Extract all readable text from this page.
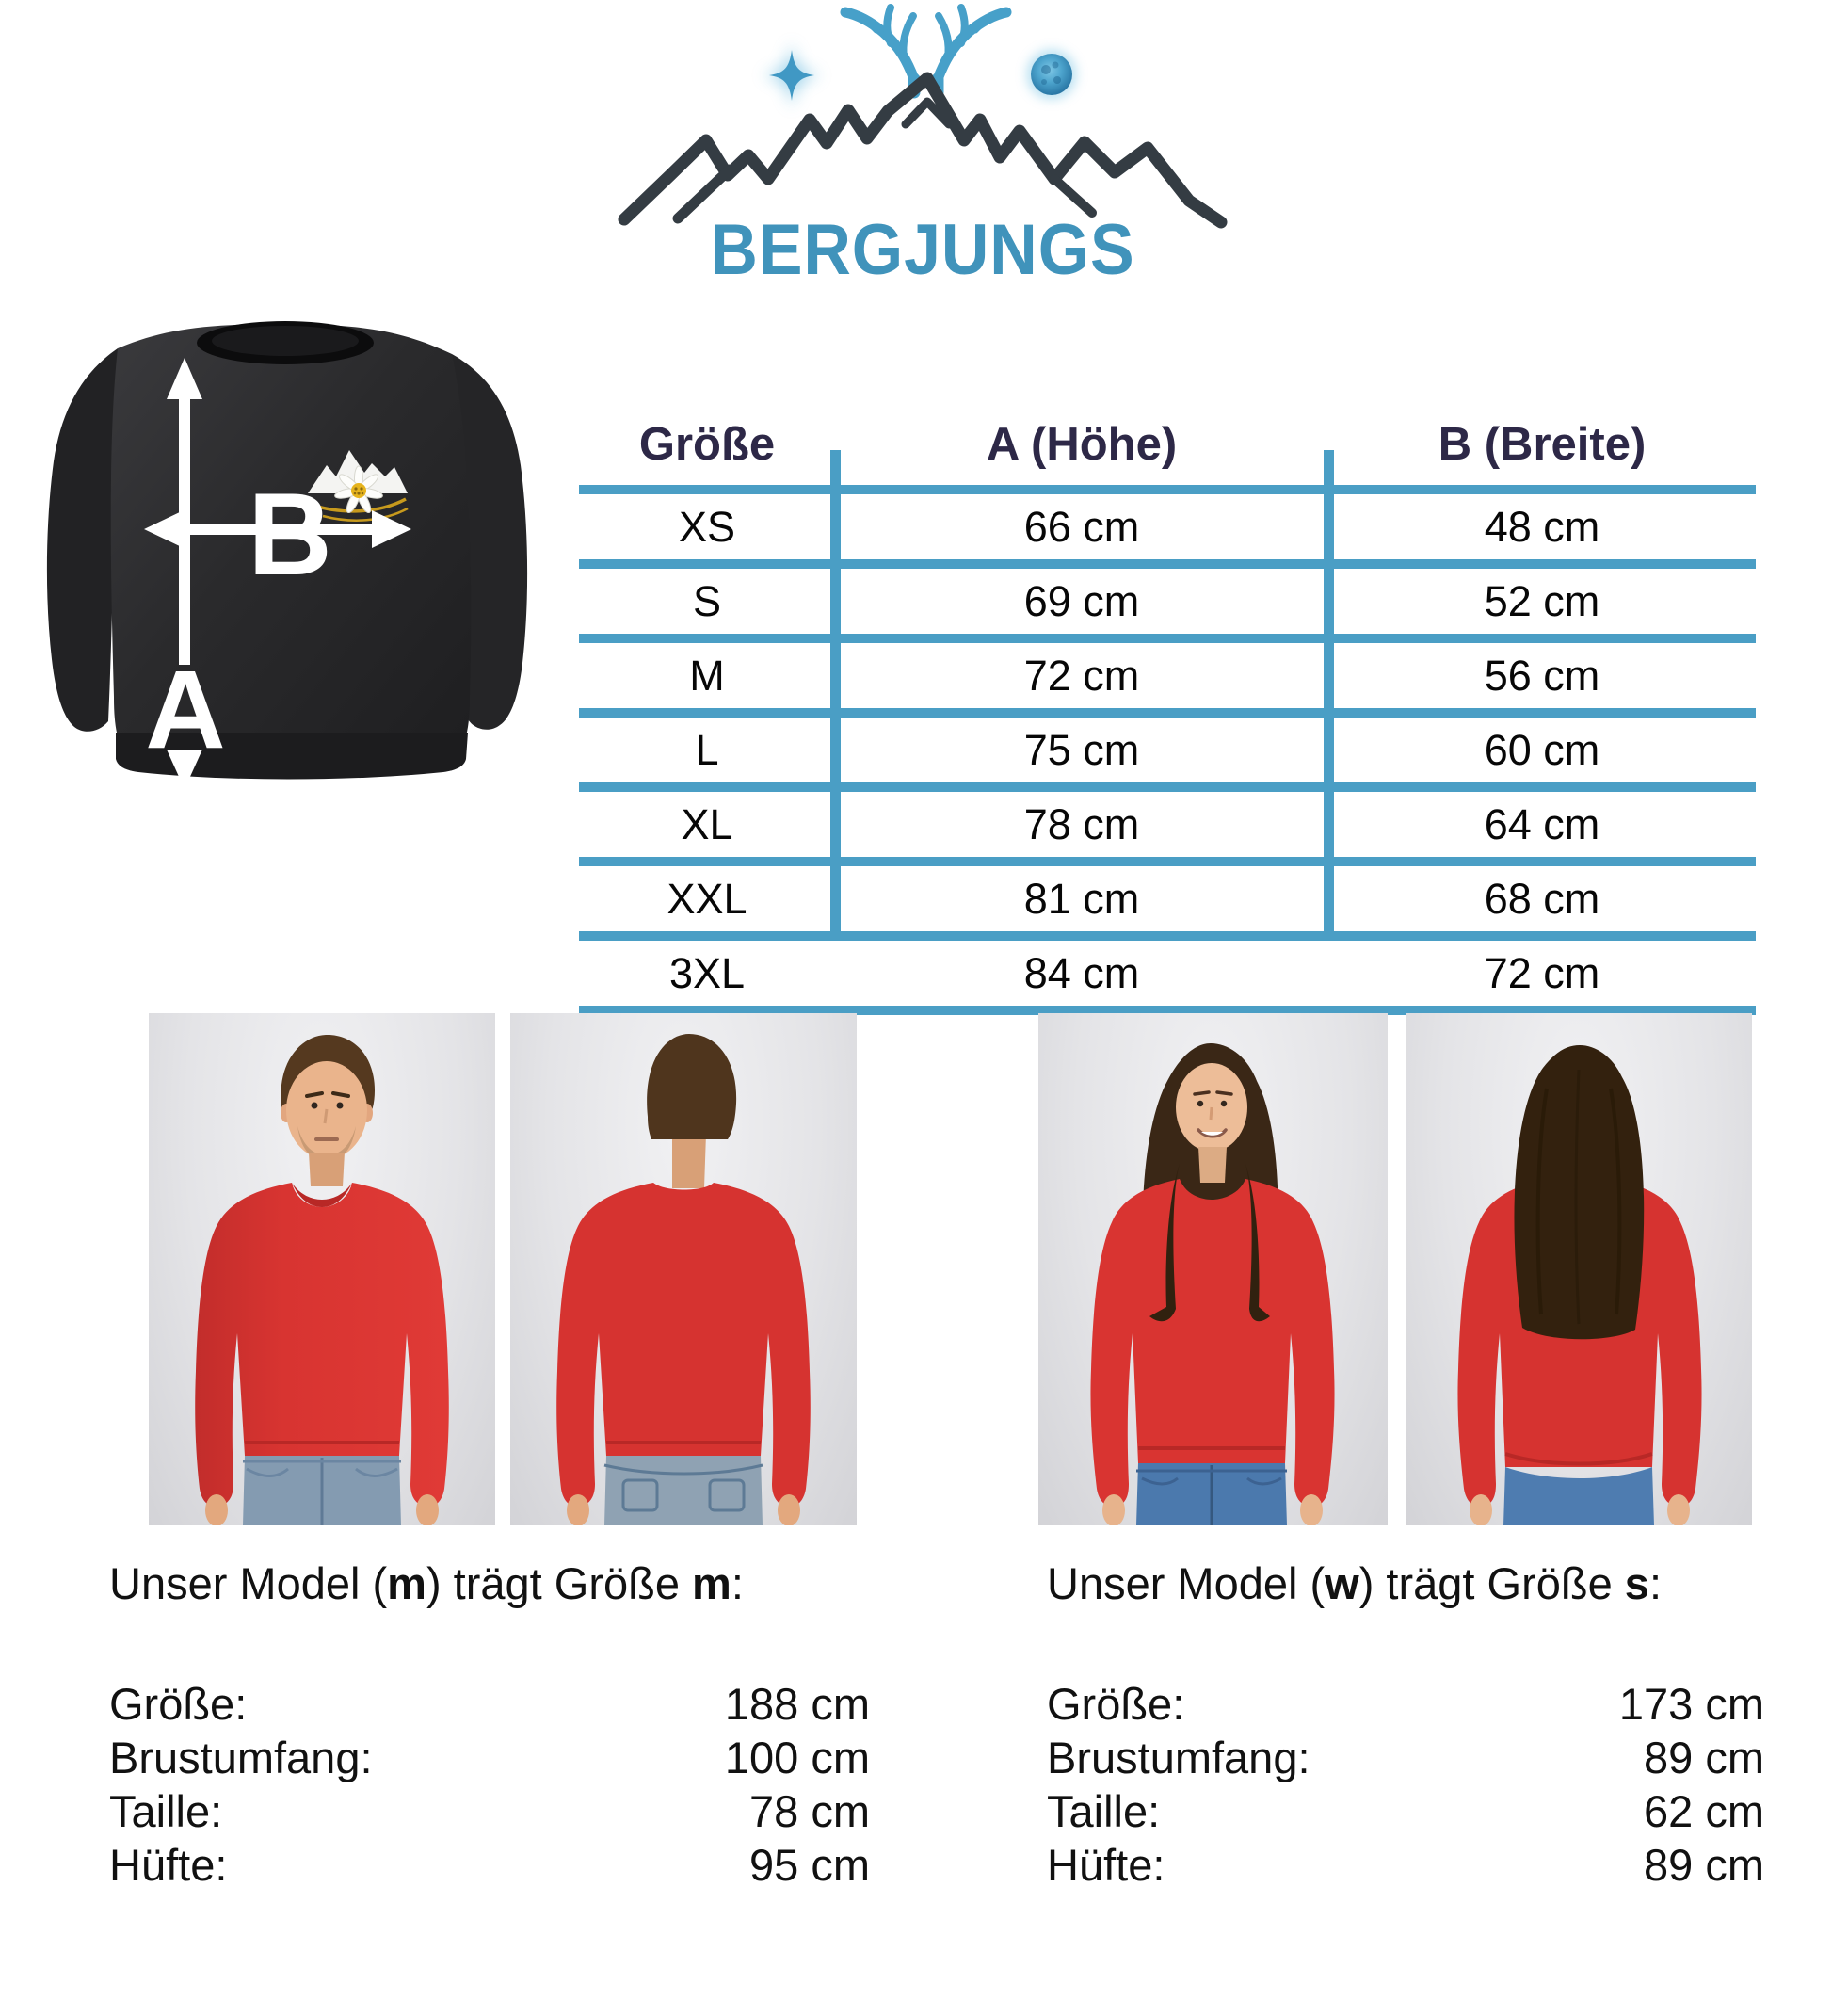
BERGJUNGS
A
B
Größe	A (Höhe)	B (Breite)
XS	66 cm	48 cm
S	69 cm	52 cm
M	72 cm	56 cm
L	75 cm	60 cm
XL	78 cm	64 cm
XXL	81 cm	68 cm
3XL	84 cm	72 cm
Unser Model (m) trägt Größe m:
Größe:	188 cm
Brustumfang:	100 cm
Taille:	78 cm
Hüfte:	95 cm
Unser Model (w) trägt Größe s:
Größe:	173 cm
Brustumfang:	89 cm
Taille:	62 cm
Hüfte:	89 cm
